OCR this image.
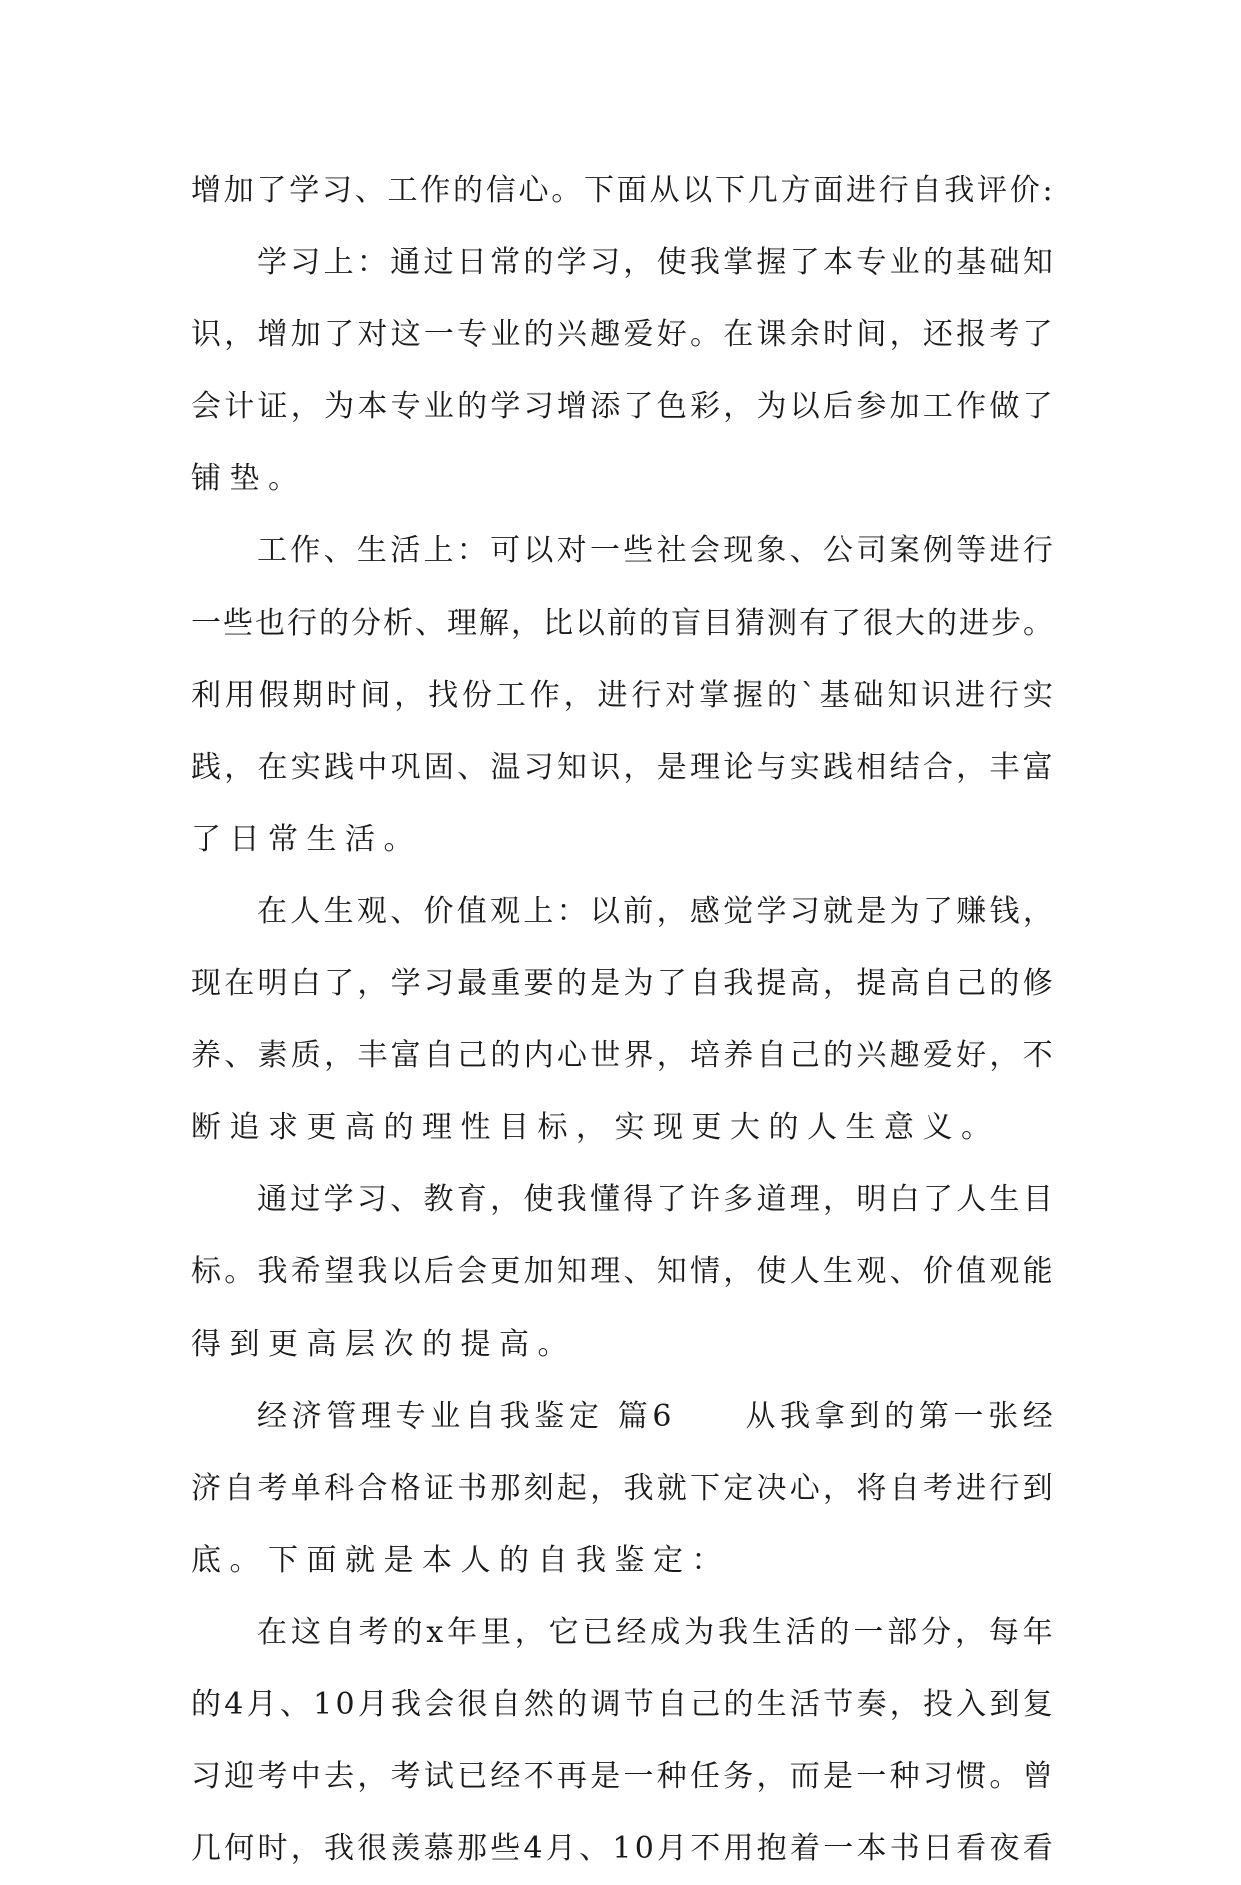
增 加 了 学 习 、 工 作 的 信 心 。 下 面 从 以 下 几 方 面 进 行 自 我 评 价 :
学 习 上 ： 通 过 日 常 的 学 习 ， 使 我 掌 握 了 本 专 业 的 基 础 知
识 ， 增 加 了 对 这 一 专 业 的 兴 趣 爱 好 。 在 课 余 时 间 ， 还 报 考 了
会 计 证 ， 为 本 专 业 的 学 习 增 添 了 色 彩 ， 为 以 后 参 加 工 作 做 了
铺垫。
工 作 、 生 活 上 ： 可 以 对 一 些 社 会 现 象 、 公 司 案 例 等 进 行
一 些 也 行 的 分 析 、 理 解 ， 比 以 前 的 盲 目 猜 测 有 了 很 大 的 进 步 。
利 用 假 期 时 间 ， 找 份 工 作 ， 进 行 对 掌 握 的 ` 基 础 知 识 进 行 实
践 ， 在 实 践 中 巩 固 、 温 习 知 识 ， 是 理 论 与 实 践 相 结 合 ， 丰 富
了日常生活。
在 人 生 观 、 价 值 观 上 ： 以 前 ， 感 觉 学 习 就 是 为 了 赚 钱 ，
现 在 明 白 了 ， 学 习 最 重 要 的 是 为 了 自 我 提 高 ， 提 高 自 己 的 修
养 、 素 质 ， 丰 富 自 己 的 内 心 世 界 ， 培 养 自 己 的 兴 趣 爱 好 ， 不
断追求更高的理性目标，实现更大的人生意义。
通 过 学 习 、 教 育 ， 使 我 懂 得 了 许 多 道 理 ， 明 白 了 人 生 目
标 。 我 希 望 我 以 后 会 更 加 知 理 、 知 情 ， 使 人 生 观 、 价 值 观 能
得到更高层次的提高。
经 济 管 理 专 业 自 我 鉴 定
篇 6

　 从 我 拿 到 的 第 一 张 经
济 自 考 单 科 合 格 证 书 那 刻 起 ， 我 就 下 定 决 心 ， 将 自 考 进 行 到
底。下面就是本人的自我鉴定：
在 这 自 考 的 x 年 里 ， 它 已 经 成 为 我 生 活 的 一 部 分 ， 每 年
的 4 月 、 1 0 月 我 会 很 自 然 的 调 节 自 己 的 生 活 节 奏 ， 投 入 到 复
习 迎 考 中 去 ， 考 试 已 经 不 再 是 一 种 任 务 ， 而 是 一 种 习 惯 。 曾
几 何 时 ， 我 很 羡 慕 那 些 4 月 、 1 0 月 不 用 抱 着 一 本 书 日 看 夜 看
